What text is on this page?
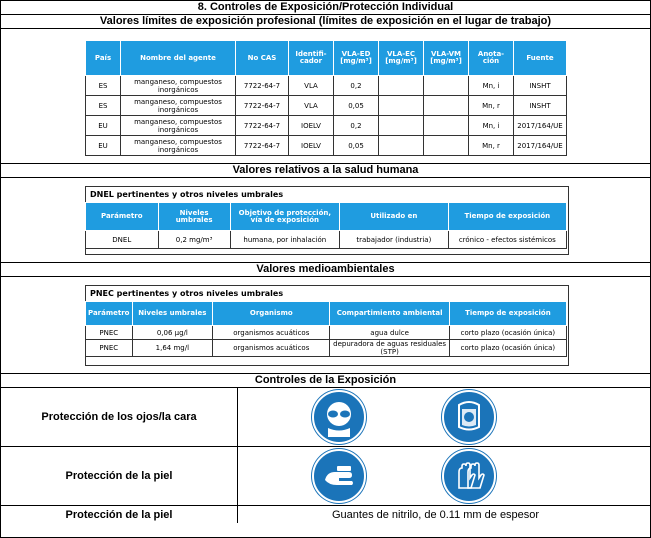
8. Controles de Exposición/Protección Individual
Valores límites de exposición profesional (límites de exposición en el lugar de trabajo)
País	Nombre del agente	No CAS	Identifi-cador	VLA-ED [mg/m³]	VLA-EC [mg/m³]	VLA-VM [mg/m³]	Anota-ción	Fuente
ES	manganeso, compuestos inorgánicos	7722-64-7	VLA	0,2			Mn, i	INSHT
ES	manganeso, compuestos inorgánicos	7722-64-7	VLA	0,05			Mn, r	INSHT
EU	manganeso, compuestos inorgánicos	7722-64-7	IOELV	0,2			Mn, i	2017/164/UE
EU	manganeso, compuestos inorgánicos	7722-64-7	IOELV	0,05			Mn, r	2017/164/UE
Valores relativos a la salud humana
DNEL pertinentes y otros niveles umbrales
Parámetro	Niveles umbrales	Objetivo de protección, vía de exposición	Utilizado en	Tiempo de exposición
DNEL	0,2 mg/m³	humana, por inhalación	trabajador (industria)	crónico - efectos sistémicos
Valores medioambientales
PNEC pertinentes y otros niveles umbrales
Parámetro	Niveles umbrales	Organismo	Compartimiento ambiental	Tiempo de exposición
PNEC	0,06 µg/l	organismos acuáticos	agua dulce	corto plazo (ocasión única)
PNEC	1,64 mg/l	organismos acuáticos	depuradora de aguas residuales (STP)	corto plazo (ocasión única)
Controles de la Exposición
Protección de los ojos/la cara
Protección de la piel
Protección de la piel	Guantes de nitrilo, de 0.11 mm de espesor
